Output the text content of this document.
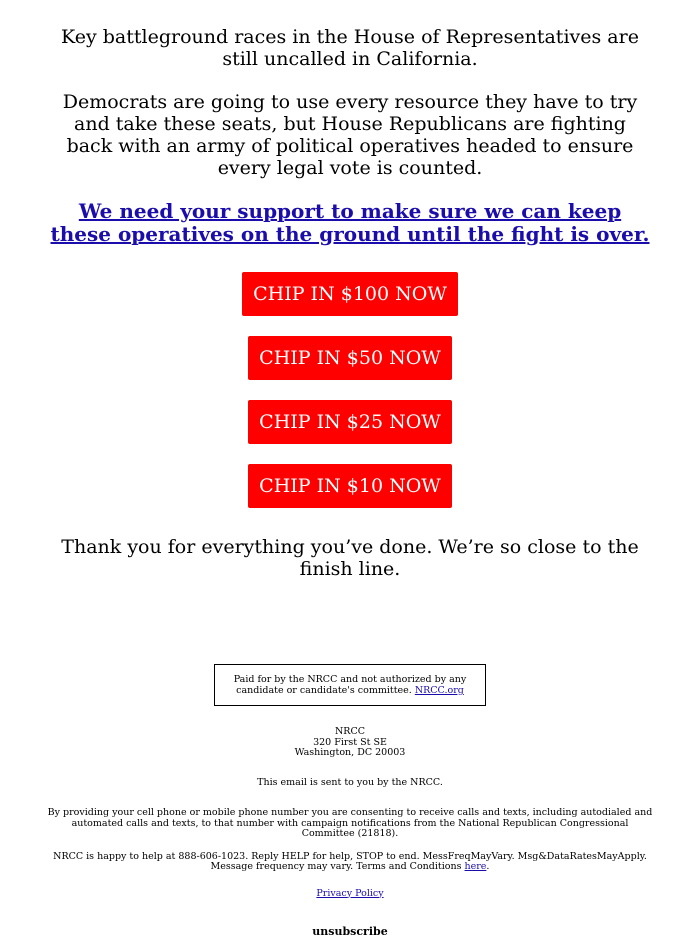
Key battleground races in the House of Representatives are still uncalled in California.

Democrats are going to use every resource they have to try and take these seats, but House Republicans are fighting back with an army of political operatives headed to ensure every legal vote is counted.

We need your support to make sure we can keep these operatives on the ground until the fight is over.
CHIP IN $100 NOW
CHIP IN $50 NOW
CHIP IN $25 NOW
CHIP IN $10 NOW

Thank you for everything you’ve done. We’re so close to the finish line.

Paid for by the NRCC and not authorized by any candidate or candidate's committee. NRCC.org
NRCC
320 First St SE
Washington, DC 20003
This email is sent to you by the NRCC.
By providing your cell phone or mobile phone number you are consenting to receive calls and texts, including autodialed and automated calls and texts, to that number with campaign notifications from the National Republican Congressional Committee (21818).
NRCC is happy to help at 888-606-1023. Reply HELP for help, STOP to end. MessFreqMayVary. Msg&DataRatesMayApply. Message frequency may vary. Terms and Conditions here.
Privacy Policy
unsubscribe
